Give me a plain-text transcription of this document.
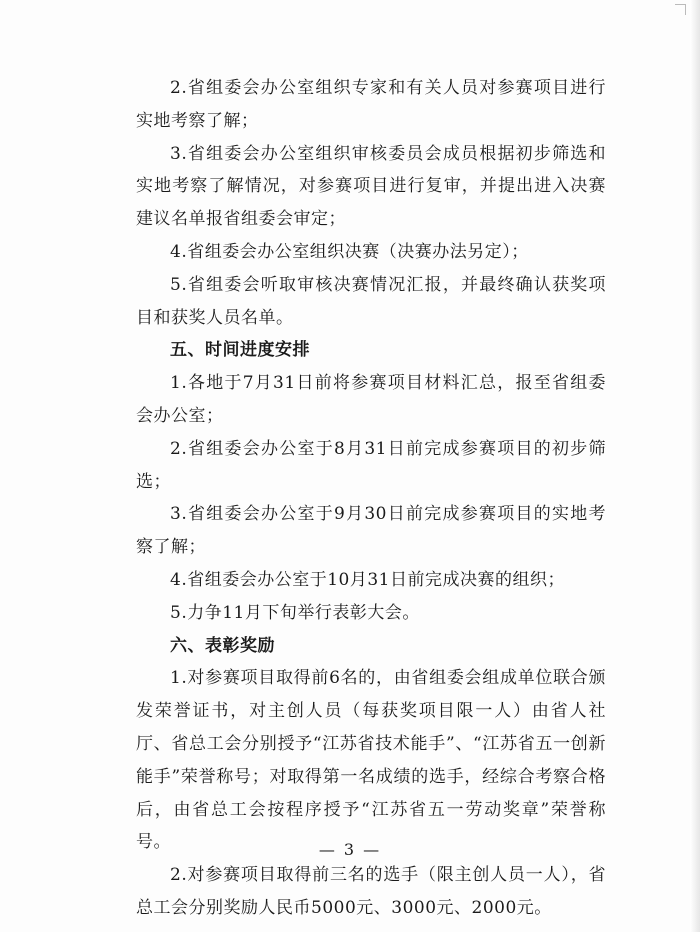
2.省组委会办公室组织专家和有关人员对参赛项目进行实地考察了解；

3.省组委会办公室组织审核委员会成员根据初步筛选和实地考察了解情况，对参赛项目进行复审，并提出进入决赛建议名单报省组委会审定；

4.省组委会办公室组织决赛（决赛办法另定）；

5.省组委会听取审核决赛情况汇报，并最终确认获奖项目和获奖人员名单。

五、时间进度安排

1.各地于7月31日前将参赛项目材料汇总，报至省组委会办公室；

2.省组委会办公室于8月31日前完成参赛项目的初步筛选；

3.省组委会办公室于9月30日前完成参赛项目的实地考察了解；

4.省组委会办公室于10月31日前完成决赛的组织；

5.力争11月下旬举行表彰大会。

六、表彰奖励

1.对参赛项目取得前6名的，由省组委会组成单位联合颁发荣誉证书，对主创人员（每获奖项目限一人）由省人社厅、省总工会分别授予“江苏省技术能手”、“江苏省五一创新能手”荣誉称号；对取得第一名成绩的选手，经综合考察合格后，由省总工会按程序授予“江苏省五一劳动奖章”荣誉称号。

2.对参赛项目取得前三名的选手（限主创人员一人），省总工会分别奖励人民币5000元、3000元、2000元。

— 3 —
